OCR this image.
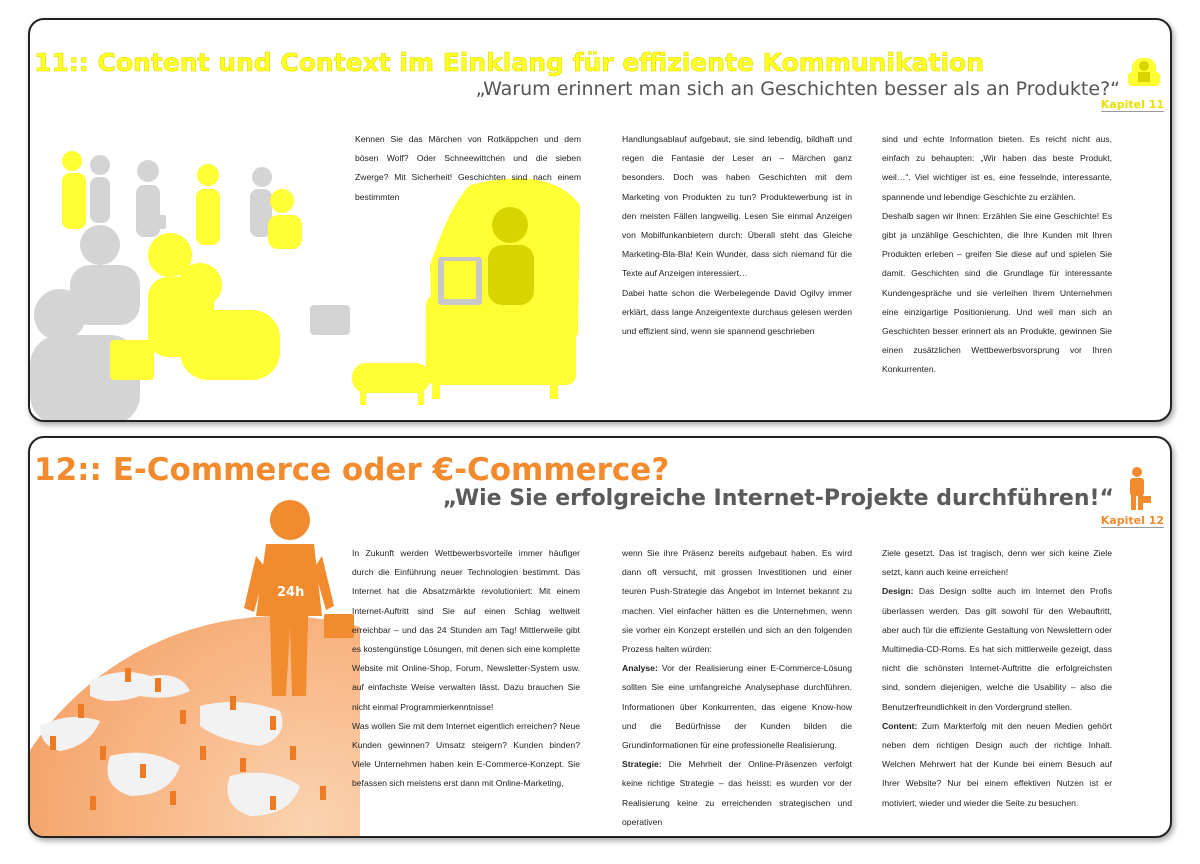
11:: Content und Context im Einklang für effiziente Kommunikation
„Warum erinnert man sich an Geschichten besser als an Produkte?“
Kapitel 11

Kennen Sie das Märchen von Rotkäppchen und dem bösen Wolf? Oder Schneewittchen und die sieben Zwerge? Mit Sicherheit! Geschichten sind nach einem bestimmten

Handlungsablauf aufgebaut, sie sind lebendig, bildhaft und regen die Fantasie der Leser an – Märchen ganz besonders. Doch was haben Geschichten mit dem Marketing von Produkten zu tun? Produktewerbung ist in den meisten Fällen langweilig. Lesen Sie einmal Anzeigen von Mobilfunkanbietern durch: Überall steht das Gleiche Marketing-Bla-Bla! Kein Wunder, dass sich niemand für die Texte auf Anzeigen interessiert…

Dabei hatte schon die Werbelegende David Ogilvy immer erklärt, dass lange Anzeigentexte durchaus gelesen werden und effizient sind, wenn sie spannend geschrieben

sind und echte Information bieten. Es reicht nicht aus, einfach zu behaupten: „Wir haben das beste Produkt, weil…“. Viel wichtiger ist es, eine fesselnde, interessante, spannende und lebendige Geschichte zu erzählen.

Deshalb sagen wir Ihnen: Erzählen Sie eine Geschichte! Es gibt ja unzählige Geschichten, die Ihre Kunden mit Ihren Produkten erleben – greifen Sie diese auf und spielen Sie damit. Geschichten sind die Grundlage für interessante Kundengespräche und sie verleihen Ihrem Unternehmen eine einzigartige Positionierung. Und weil man sich an Geschichten besser erinnert als an Produkte, gewinnen Sie einen zusätzlichen Wettbewerbsvorsprung vor Ihren Konkurrenten.

12:: E-Commerce oder €-Commerce?
„Wie Sie erfolgreiche Internet-Projekte durchführen!“
Kapitel 12
24h

In Zukunft werden Wettbewerbsvorteile immer häufiger durch die Einführung neuer Technologien bestimmt. Das Internet hat die Absatzmärkte revolutioniert: Mit einem Internet-Auftritt sind Sie auf einen Schlag weltweit erreichbar – und das 24 Stunden am Tag! Mittlerweile gibt es kostengünstige Lösungen, mit denen sich eine komplette Website mit Online-Shop, Forum, Newsletter-System usw. auf einfachste Weise verwalten lässt. Dazu brauchen Sie nicht einmal Programmierkenntnisse!

Was wollen Sie mit dem Internet eigentlich erreichen? Neue Kunden gewinnen? Umsatz steigern? Kunden binden? Viele Unternehmen haben kein E-Commerce-Konzept. Sie befassen sich meistens erst dann mit Online-Marketing,

wenn Sie ihre Präsenz bereits aufgebaut haben. Es wird dann oft versucht, mit grossen Investitionen und einer teuren Push-Strategie das Angebot im Internet bekannt zu machen. Viel einfacher hätten es die Unternehmen, wenn sie vorher ein Konzept erstellen und sich an den folgenden Prozess halten würden:

Analyse: Vor der Realisierung einer E-Commerce-Lösung sollten Sie eine umfangreiche Analysephase durchführen. Informationen über Konkurrenten, das eigene Know-how und die Bedürfnisse der Kunden bilden die Grundinformationen für eine professionelle Realisierung.

Strategie: Die Mehrheit der Online-Präsenzen verfolgt keine richtige Strategie – das heisst: es wurden vor der Realisierung keine zu erreichenden strategischen und operativen

Ziele gesetzt. Das ist tragisch, denn wer sich keine Ziele setzt, kann auch keine erreichen!

Design: Das Design sollte auch im Internet den Profis überlassen werden. Das gilt sowohl für den Webauftritt, aber auch für die effiziente Gestaltung von Newslettern oder Multimedia-CD-Roms. Es hat sich mittlerweile gezeigt, dass nicht die schönsten Internet-Auftritte die erfolgreichsten sind, sondern diejenigen, welche die Usability – also die Benutzerfreundlichkeit in den Vordergrund stellen.

Content: Zum Markterfolg mit den neuen Medien gehört neben dem richtigen Design auch der richtige Inhalt. Welchen Mehrwert hat der Kunde bei einem Besuch auf Ihrer Website? Nur bei einem effektiven Nutzen ist er motiviert, wieder und wieder die Seite zu besuchen.
